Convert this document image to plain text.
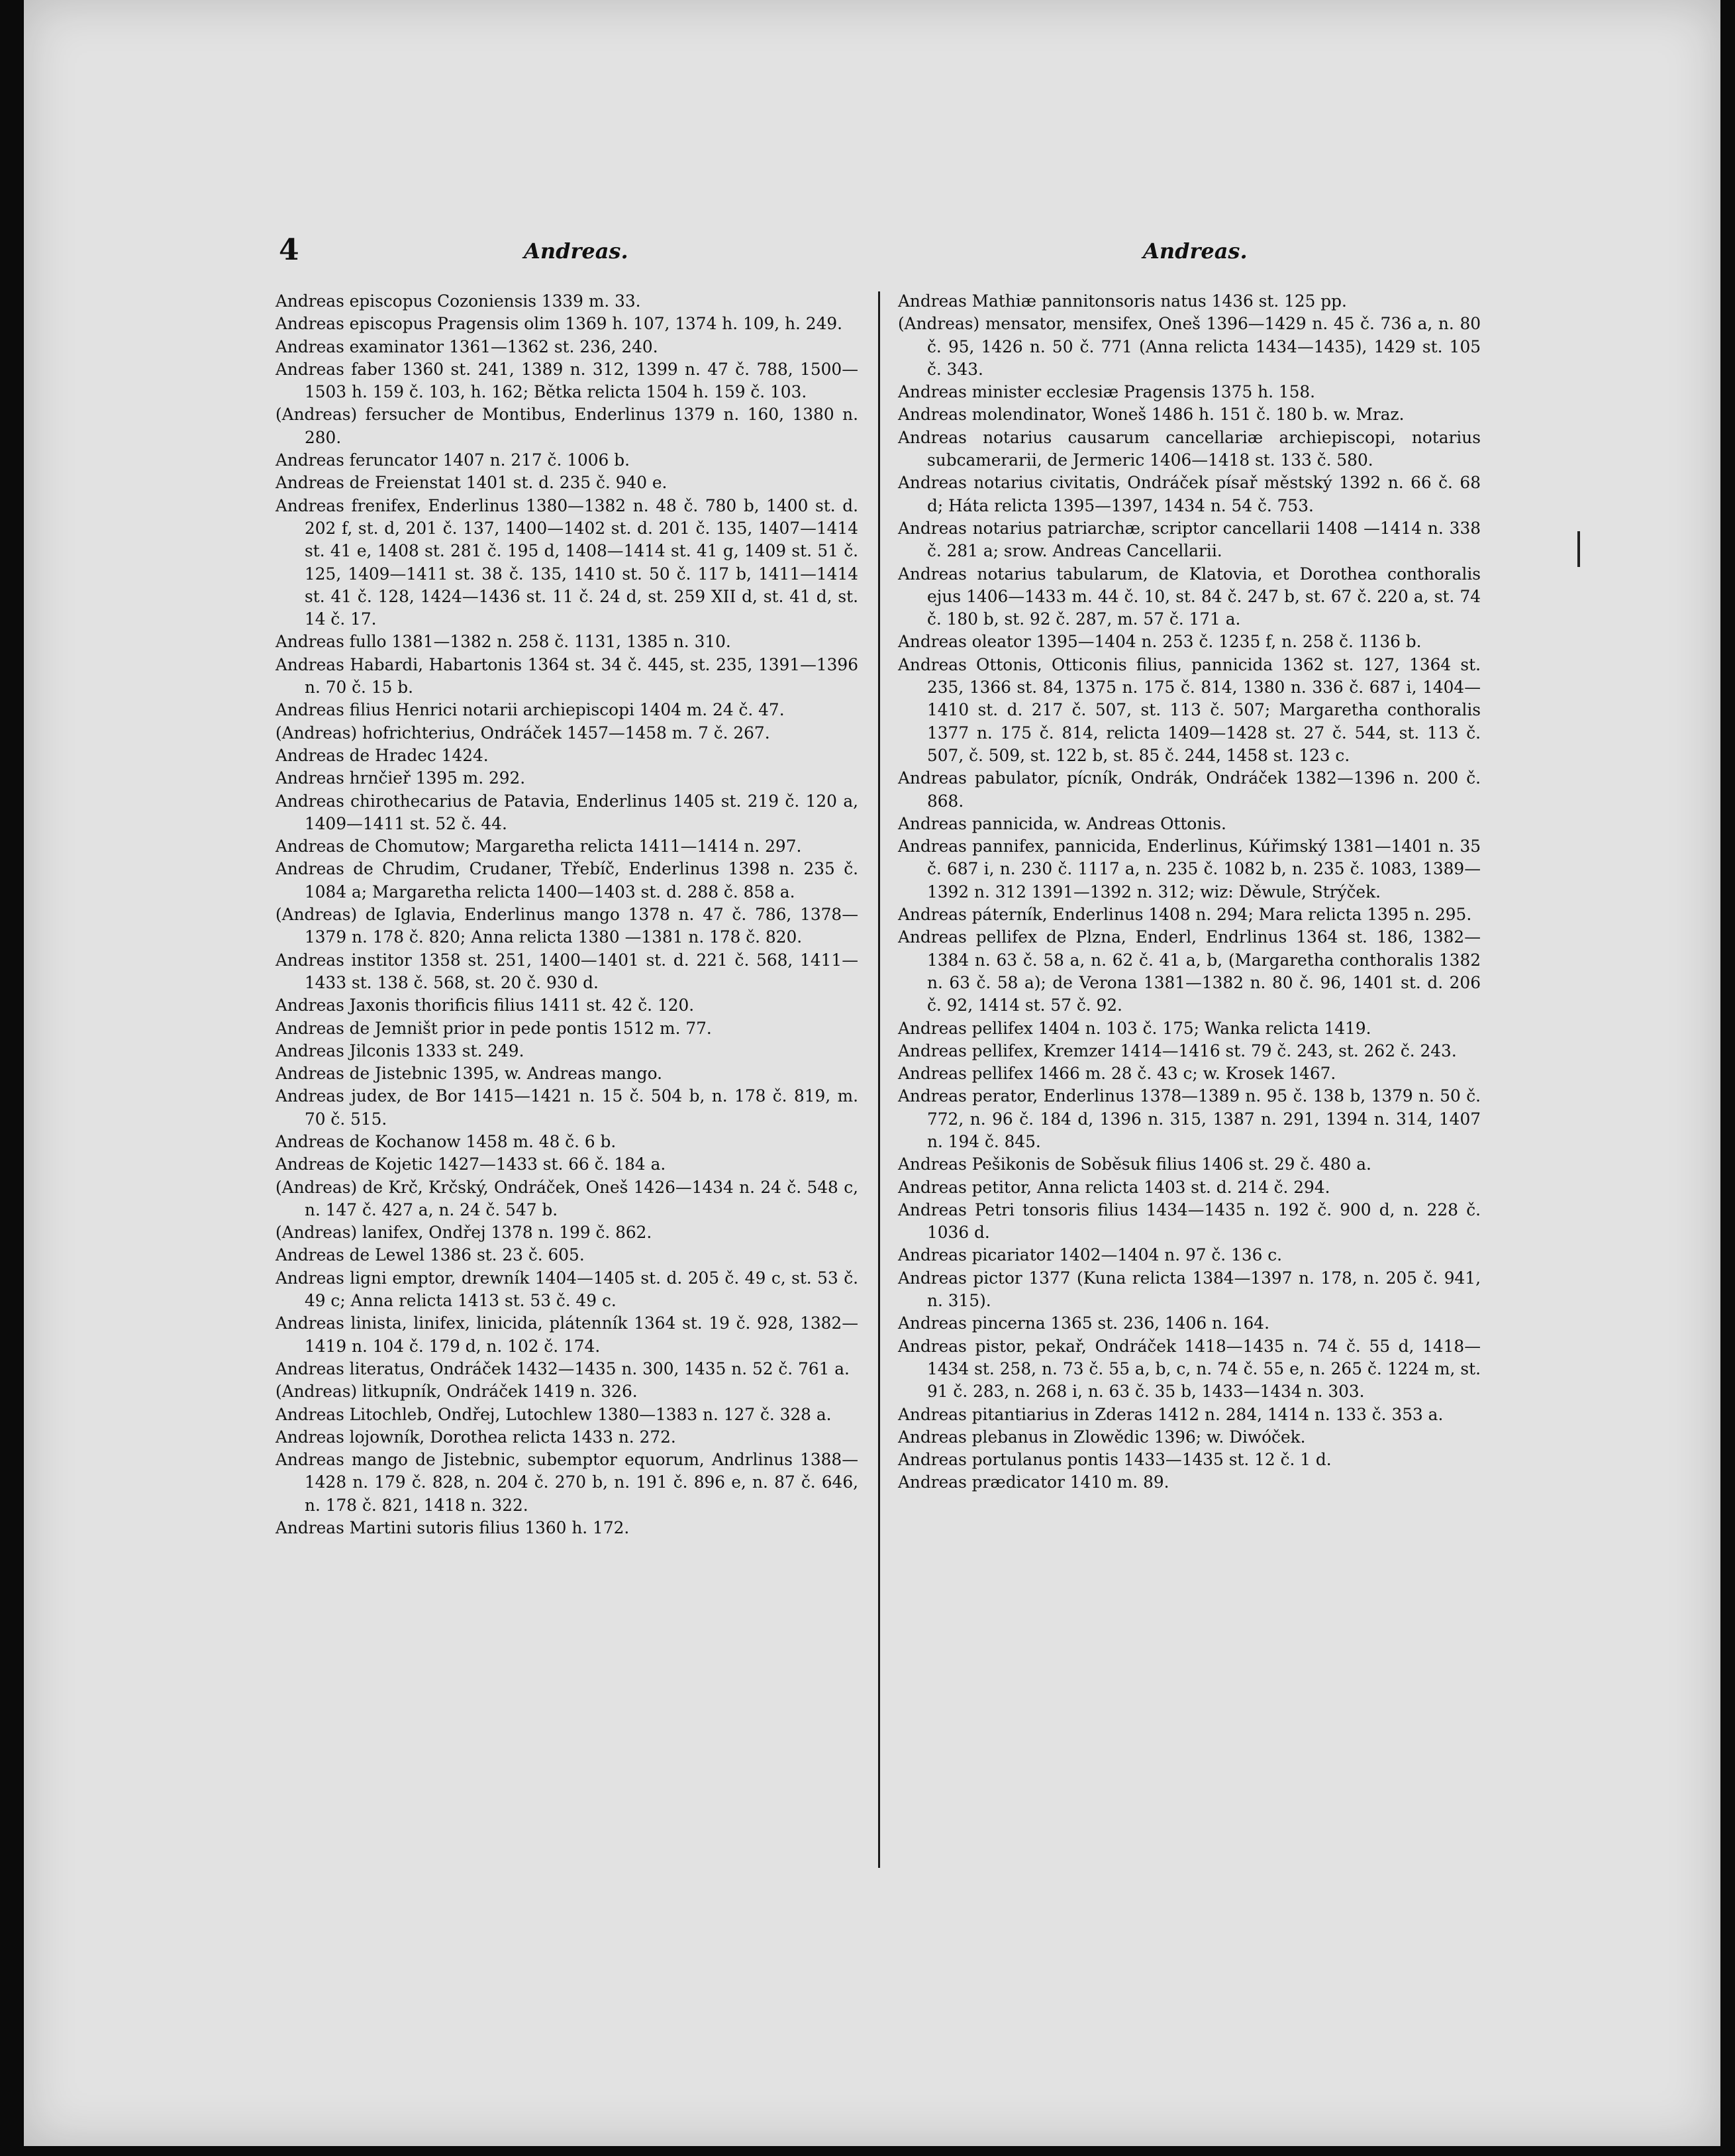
4	Andreas.	Andreas.
Andreas episcopus Cozoniensis 1339 m. 33.
Andreas episcopus Pragensis olim 1369 h. 107, 1374 h. 109, h. 249.
Andreas examinator 1361—1362 st. 236, 240.
Andreas faber 1360 st. 241, 1389 n. 312, 1399 n. 47 č. 788, 1500—1503 h. 159 č. 103, h. 162; Bětka relicta 1504 h. 159 č. 103.
(Andreas) fersucher de Montibus, Enderlinus 1379 n. 160, 1380 n. 280.
Andreas feruncator 1407 n. 217 č. 1006 b.
Andreas de Freienstat 1401 st. d. 235 č. 940 e.
Andreas frenifex, Enderlinus 1380—1382 n. 48 č. 780 b, 1400 st. d. 202 f, st. d, 201 č. 137, 1400—1402 st. d. 201 č. 135, 1407—1414 st. 41 e, 1408 st. 281 č. 195 d, 1408—1414 st. 41 g, 1409 st. 51 č. 125, 1409—1411 st. 38 č. 135, 1410 st. 50 č. 117 b, 1411—1414 st. 41 č. 128, 1424—1436 st. 11 č. 24 d, st. 259 XII d, st. 41 d, st. 14 č. 17.
Andreas fullo 1381—1382 n. 258 č. 1131, 1385 n. 310.
Andreas Habardi, Habartonis 1364 st. 34 č. 445, st. 235, 1391—1396 n. 70 č. 15 b.
Andreas filius Henrici notarii archiepiscopi 1404 m. 24 č. 47.
(Andreas) hofrichterius, Ondráček 1457—1458 m. 7 č. 267.
Andreas de Hradec 1424.
Andreas hrnčieř 1395 m. 292.
Andreas chirothecarius de Patavia, Enderlinus 1405 st. 219 č. 120 a, 1409—1411 st. 52 č. 44.
Andreas de Chomutow; Margaretha relicta 1411—1414 n. 297.
Andreas de Chrudim, Crudaner, Třebíč, Enderlinus 1398 n. 235 č. 1084 a; Margaretha relicta 1400—1403 st. d. 288 č. 858 a.
(Andreas) de Iglavia, Enderlinus mango 1378 n. 47 č. 786, 1378—1379 n. 178 č. 820; Anna relicta 1380 —1381 n. 178 č. 820.
Andreas institor 1358 st. 251, 1400—1401 st. d. 221 č. 568, 1411—1433 st. 138 č. 568, st. 20 č. 930 d.
Andreas Jaxonis thorificis filius 1411 st. 42 č. 120.
Andreas de Jemništ prior in pede pontis 1512 m. 77.
Andreas Jilconis 1333 st. 249.
Andreas de Jistebnic 1395, w. Andreas mango.
Andreas judex, de Bor 1415—1421 n. 15 č. 504 b, n. 178 č. 819, m. 70 č. 515.
Andreas de Kochanow 1458 m. 48 č. 6 b.
Andreas de Kojetic 1427—1433 st. 66 č. 184 a.
(Andreas) de Krč, Krčský, Ondráček, Oneš 1426—1434 n. 24 č. 548 c, n. 147 č. 427 a, n. 24 č. 547 b.
(Andreas) lanifex, Ondřej 1378 n. 199 č. 862.
Andreas de Lewel 1386 st. 23 č. 605.
Andreas ligni emptor, drewník 1404—1405 st. d. 205 č. 49 c, st. 53 č. 49 c; Anna relicta 1413 st. 53 č. 49 c.
Andreas linista, linifex, linicida, plátenník 1364 st. 19 č. 928, 1382—1419 n. 104 č. 179 d, n. 102 č. 174.
Andreas literatus, Ondráček 1432—1435 n. 300, 1435 n. 52 č. 761 a.
(Andreas) litkupník, Ondráček 1419 n. 326.
Andreas Litochleb, Ondřej, Lutochlew 1380—1383 n. 127 č. 328 a.
Andreas lojowník, Dorothea relicta 1433 n. 272.
Andreas mango de Jistebnic, subemptor equorum, Andrlinus 1388—1428 n. 179 č. 828, n. 204 č. 270 b, n. 191 č. 896 e, n. 87 č. 646, n. 178 č. 821, 1418 n. 322.
Andreas Martini sutoris filius 1360 h. 172.
Andreas Mathiæ pannitonsoris natus 1436 st. 125 pp.
(Andreas) mensator, mensifex, Oneš 1396—1429 n. 45 č. 736 a, n. 80 č. 95, 1426 n. 50 č. 771 (Anna relicta 1434—1435), 1429 st. 105 č. 343.
Andreas minister ecclesiæ Pragensis 1375 h. 158.
Andreas molendinator, Woneš 1486 h. 151 č. 180 b. w. Mraz.
Andreas notarius causarum cancellariæ archiepiscopi, notarius subcamerarii, de Jermeric 1406—1418 st. 133 č. 580.
Andreas notarius civitatis, Ondráček písař městský 1392 n. 66 č. 68 d; Háta relicta 1395—1397, 1434 n. 54 č. 753.
Andreas notarius patriarchæ, scriptor cancellarii 1408 —1414 n. 338 č. 281 a; srow. Andreas Cancellarii.
Andreas notarius tabularum, de Klatovia, et Dorothea conthoralis ejus 1406—1433 m. 44 č. 10, st. 84 č. 247 b, st. 67 č. 220 a, st. 74 č. 180 b, st. 92 č. 287, m. 57 č. 171 a.
Andreas oleator 1395—1404 n. 253 č. 1235 f, n. 258 č. 1136 b.
Andreas Ottonis, Otticonis filius, pannicida 1362 st. 127, 1364 st. 235, 1366 st. 84, 1375 n. 175 č. 814, 1380 n. 336 č. 687 i, 1404—1410 st. d. 217 č. 507, st. 113 č. 507; Margaretha conthoralis 1377 n. 175 č. 814, relicta 1409—1428 st. 27 č. 544, st. 113 č. 507, č. 509, st. 122 b, st. 85 č. 244, 1458 st. 123 c.
Andreas pabulator, pícník, Ondrák, Ondráček 1382—1396 n. 200 č. 868.
Andreas pannicida, w. Andreas Ottonis.
Andreas pannifex, pannicida, Enderlinus, Kúřimský 1381—1401 n. 35 č. 687 i, n. 230 č. 1117 a, n. 235 č. 1082 b, n. 235 č. 1083, 1389—1392 n. 312 1391—1392 n. 312; wiz: Děwule, Strýček.
Andreas páterník, Enderlinus 1408 n. 294; Mara relicta 1395 n. 295.
Andreas pellifex de Plzna, Enderl, Endrlinus 1364 st. 186, 1382—1384 n. 63 č. 58 a, n. 62 č. 41 a, b, (Margaretha conthoralis 1382 n. 63 č. 58 a); de Verona 1381—1382 n. 80 č. 96, 1401 st. d. 206 č. 92, 1414 st. 57 č. 92.
Andreas pellifex 1404 n. 103 č. 175; Wanka relicta 1419.
Andreas pellifex, Kremzer 1414—1416 st. 79 č. 243, st. 262 č. 243.
Andreas pellifex 1466 m. 28 č. 43 c; w. Krosek 1467.
Andreas perator, Enderlinus 1378—1389 n. 95 č. 138 b, 1379 n. 50 č. 772, n. 96 č. 184 d, 1396 n. 315, 1387 n. 291, 1394 n. 314, 1407 n. 194 č. 845.
Andreas Pešikonis de Soběsuk filius 1406 st. 29 č. 480 a.
Andreas petitor, Anna relicta 1403 st. d. 214 č. 294.
Andreas Petri tonsoris filius 1434—1435 n. 192 č. 900 d, n. 228 č. 1036 d.
Andreas picariator 1402—1404 n. 97 č. 136 c.
Andreas pictor 1377 (Kuna relicta 1384—1397 n. 178, n. 205 č. 941, n. 315).
Andreas pincerna 1365 st. 236, 1406 n. 164.
Andreas pistor, pekař, Ondráček 1418—1435 n. 74 č. 55 d, 1418—1434 st. 258, n. 73 č. 55 a, b, c, n. 74 č. 55 e, n. 265 č. 1224 m, st. 91 č. 283, n. 268 i, n. 63 č. 35 b, 1433—1434 n. 303.
Andreas pitantiarius in Zderas 1412 n. 284, 1414 n. 133 č. 353 a.
Andreas plebanus in Zlowědic 1396; w. Diwóček.
Andreas portulanus pontis 1433—1435 st. 12 č. 1 d.
Andreas prædicator 1410 m. 89.
